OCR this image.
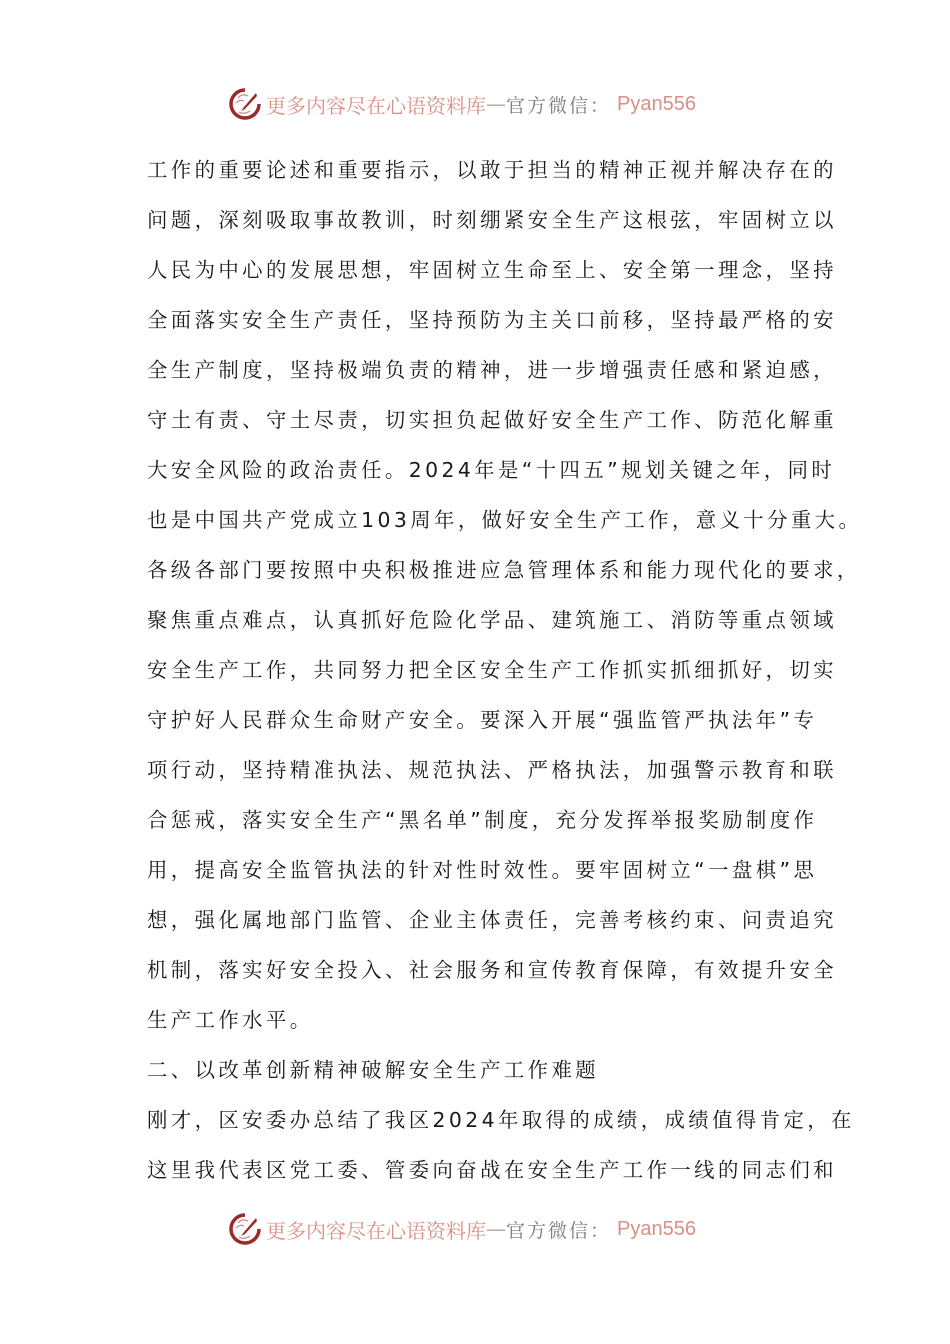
更多内容尽在心语资料库 — 官方微信： Pyan556
工作的重要论述和重要指示，以敢于担当的精神正视并解决存在的
问题，深刻吸取事故教训，时刻绷紧安全生产这根弦，牢固树立以
人民为中心的发展思想，牢固树立生命至上、安全第一理念，坚持
全面落实安全生产责任，坚持预防为主关口前移，坚持最严格的安
全生产制度，坚持极端负责的精神，进一步增强责任感和紧迫感，
守土有责、守土尽责，切实担负起做好安全生产工作、防范化解重
大安全风险的政治责任。2024年是“十四五”规划关键之年，同时
也是中国共产党成立103周年，做好安全生产工作，意义十分重大。
各级各部门要按照中央积极推进应急管理体系和能力现代化的要求，
聚焦重点难点，认真抓好危险化学品、建筑施工、消防等重点领域
安全生产工作，共同努力把全区安全生产工作抓实抓细抓好，切实
守护好人民群众生命财产安全。要深入开展“强监管严执法年”专
项行动，坚持精准执法、规范执法、严格执法，加强警示教育和联
合惩戒，落实安全生产“黑名单”制度，充分发挥举报奖励制度作
用，提高安全监管执法的针对性时效性。要牢固树立“一盘棋”思
想，强化属地部门监管、企业主体责任，完善考核约束、问责追究
机制，落实好安全投入、社会服务和宣传教育保障，有效提升安全
生产工作水平。
二、以改革创新精神破解安全生产工作难题
刚才，区安委办总结了我区2024年取得的成绩，成绩值得肯定，在
这里我代表区党工委、管委向奋战在安全生产工作一线的同志们和
更多内容尽在心语资料库 — 官方微信： Pyan556
